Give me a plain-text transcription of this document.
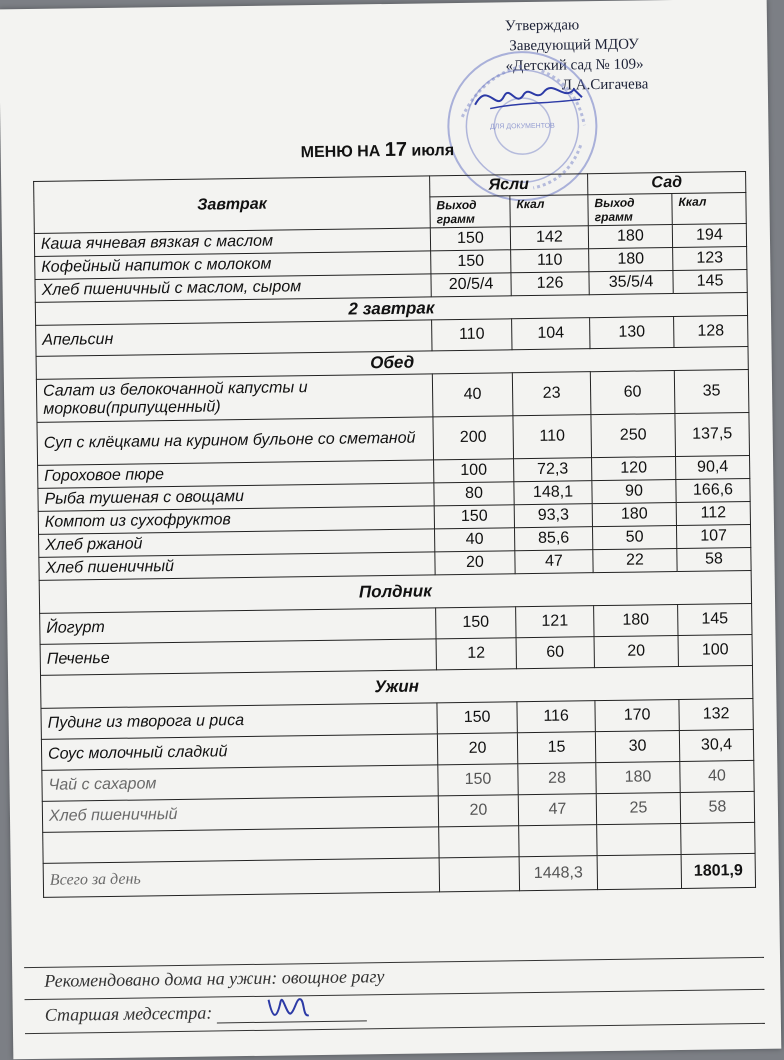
Утверждаю
Заведующий МДОУ
«Детский сад № 109»
Л.А.Сигачева
ДЛЯ ДОКУМЕНТОВ
МЕНЮ НА 17 июля
Завтрак	Ясли		Сад	
	Выход грамм	Ккал	Выход грамм	Ккал
Каша ячневая вязкая с маслом	150	142	180	194
Кофейный напиток с молоком	150	110	180	123
Хлеб пшеничный с маслом, сыром	20/5/4	126	35/5/4	145
2 завтрак				
Апельсин	110	104	130	128
Обед				
Салат из белокочанной капусты и моркови(припущенный)	40	23	60	35
Суп с клёцками на курином бульоне со сметаной	200	110	250	137,5
Гороховое пюре	100	72,3	120	90,4
Рыба тушеная с овощами	80	148,1	90	166,6
Компот из сухофруктов	150	93,3	180	112
Хлеб ржаной	40	85,6	50	107
Хлеб пшеничный	20	47	22	58
Полдник				
Йогурт	150	121	180	145
Печенье	12	60	20	100
Ужин				
Пудинг из творога и риса	150	116	170	132
Соус молочный сладкий	20	15	30	30,4
Чай с сахаром	150	28	180	40
Хлеб пшеничный	20	47	25	58

Всего за день		1448,3		1801,9
Рекомендовано дома на ужин: овощное рагу
Старшая медсестра:
